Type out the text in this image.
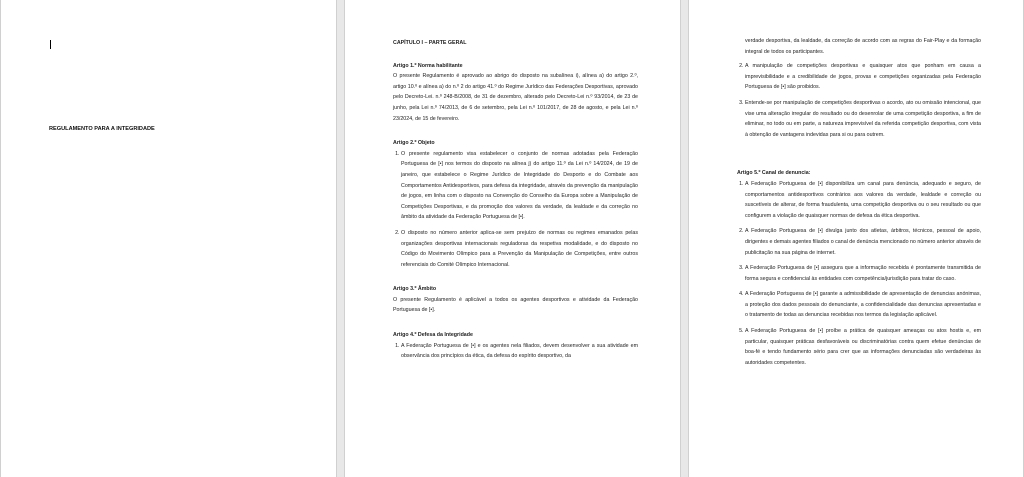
REGULAMENTO PARA A INTEGRIDADE

CAPÍTULO I – PARTE GERAL

Artigo 1.º Norma habilitante

O presente Regulamento é aprovado ao abrigo do disposto na subalínea i), alínea a) do artigo 2.º, artigo 10.º e alínea a) do n.º 2 do artigo 41.º do Regime Jurídico das Federações Desportivas, aprovado pelo Decreto-Lei. n.º 248-B/2008, de 31 de dezembro, alterado pelo Decreto-Lei n.º 93/2014, de 23 de junho, pela Lei n.º 74/2013, de 6 de setembro, pela Lei n.º 101/2017, de 28 de agosto, e pela Lei n.º 23/2024, de 15 de fevereiro.

Artigo 2.º Objeto

1. O presente regulamento visa estabelecer o conjunto de normas adotadas pela Federação Portuguesa de [•] nos termos do disposto na alínea j) do artigo 11.º da Lei n.º 14/2024, de 19 de janeiro, que estabelece o Regime Jurídico de Integridade do Desporto e do Combate aos Comportamentos Antidesportivos, para defesa da integridade, através da prevenção da manipulação de jogos, em linha com o disposto na Convenção do Conselho da Europa sobre a Manipulação de Competições Desportivas, e da promoção dos valores da verdade, da lealdade e da correção no âmbito da atividade da Federação Portuguesa de [•].
2. O disposto no número anterior aplica-se sem prejuízo de normas ou regimes emanados pelas organizações desportivas internacionais reguladoras da respetiva modalidade, e do disposto no Código do Movimento Olímpico para a Prevenção da Manipulação de Competições, entre outros referenciais do Comité Olímpico Internacional.

Artigo 3.º Âmbito

O presente Regulamento é aplicável a todos os agentes desportivos e atividade da Federação Portuguesa de [•].

Artigo 4.º Defesa da Integridade

1. A Federação Portuguesa de [•] e os agentes nela filiados, devem desenvolver a sua atividade em observância dos princípios da ética, da defesa do espírito desportivo, da

verdade desportiva, da lealdade, da correção de acordo com as regras do Fair-Play e da formação integral de todos os participantes.

2. A manipulação de competições desportivas e quaisquer atos que ponham em causa a imprevisibilidade e a credibilidade de jogos, provas e competições organizadas pela Federação Portuguesa de [•] são proibidos.
3. Entende-se por manipulação de competições desportivas o acordo, ato ou omissão intencional, que vise uma alteração irregular do resultado ou do desenrolar de uma competição desportiva, a fim de eliminar, no todo ou em parte, a natureza imprevisível da referida competição desportiva, com vista à obtenção de vantagens indevidas para si ou para outrem.

Artigo 5.º Canal de denuncia:

1. A Federação Portuguesa de [•] disponibiliza um canal para denúncia, adequado e seguro, de comportamentos antidesportivos contrários aos valores da verdade, lealdade e correção ou suscetíveis de alterar, de forma fraudulenta, uma competição desportiva ou o seu resultado ou que configurem a violação de quaisquer normas de defesa da ética desportiva.
2. A Federação Portuguesa de [•] divulga junto dos atletas, árbitros, técnicos, pessoal de apoio, dirigentes e demais agentes filiados o canal de denúncia mencionado no número anterior através de publicitação na sua página de internet.
3. A Federação Portuguesa de [•] assegura que a informação recebida é prontamente transmitida de forma segura e confidencial às entidades com competência/jurisdição para tratar do caso.
4. A Federação Portuguesa de [•] garante a admissibilidade de apresentação de denuncias anónimas, a proteção dos dados pessoais do denunciante, a confidencialidade das denuncias apresentadas e o tratamento de todas as denuncias recebidas nos termos da legislação aplicável.
5. A Federação Portuguesa de [•] proíbe a prática de quaisquer ameaças ou atos hostis e, em particular, quaisquer práticas desfavoráveis ou discriminatórias contra quem efetue denúncias de boa-fé e tendo fundamento sério para crer que as informações denunciadas são verdadeiras às autoridades competentes.
